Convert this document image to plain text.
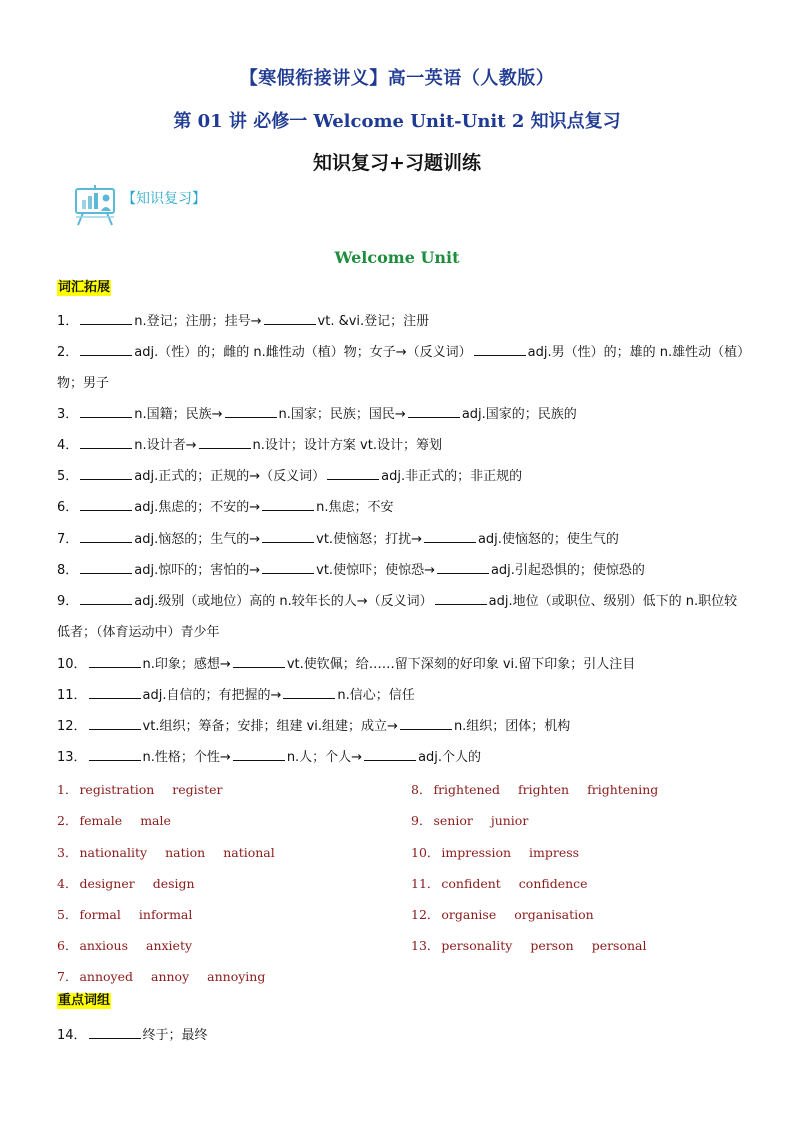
【寒假衔接讲义】高一英语（人教版）
第 01 讲 必修一 Welcome Unit-Unit 2 知识点复习
知识复习+习题训练
【知识复习】
Welcome Unit
词汇拓展
1．	n.登记；注册；挂号→	vt. &vi.登记；注册
2．	adj.（性）的；雌的 n.雌性动（植）物；女子→（反义词）	adj.男（性）的；雄的 n.雄性动（植）物；男子
3．	n.国籍；民族→	n.国家；民族；国民→	adj.国家的；民族的
4．	n.设计者→	n.设计；设计方案 vt.设计；筹划
5．	adj.正式的；正规的→（反义词）	adj.非正式的；非正规的
6．	adj.焦虑的；不安的→	n.焦虑；不安
7．	adj.恼怒的；生气的→	vt.使恼怒；打扰→	adj.使恼怒的；使生气的
8．	adj.惊吓的；害怕的→	vt.使惊吓；使惊恐→	adj.引起恐惧的；使惊恐的
9．	adj.级别（或地位）高的 n.较年长的人→（反义词）	adj.地位（或职位、级别）低下的 n.职位较低者；（体育运动中）青少年
10．	n.印象；感想→	vt.使钦佩；给……留下深刻的好印象 vi.留下印象；引人注目
11．	adj.自信的；有把握的→	n.信心；信任
12．	vt.组织；筹备；安排；组建 vi.组建；成立→	n.组织；团体；机构
13．	n.性格；个性→	n.人；个人→	adj.个人的
1． registration register
2． female male
3． nationality nation national
4． designer design
5． formal informal
6． anxious anxiety
7． annoyed annoy annoying
8． frightened frighten frightening
9． senior junior
10． impression impress
11． confident confidence
12． organise organisation
13． personality person personal
重点词组
14．	终于；最终
